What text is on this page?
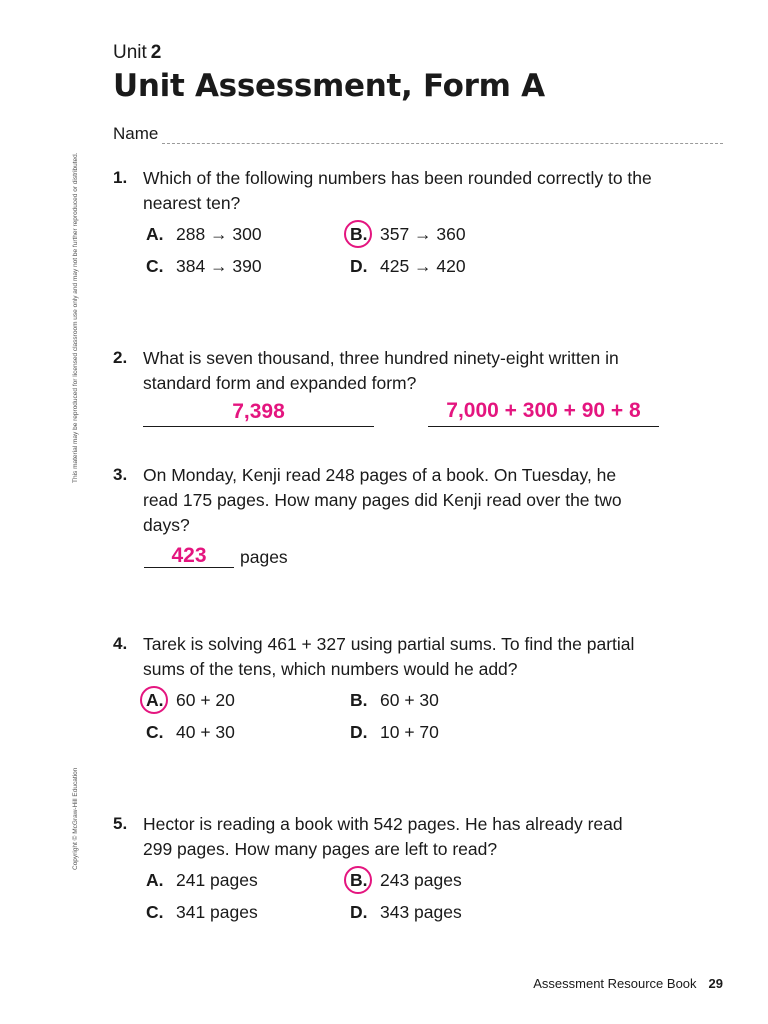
This material may be reproduced for licensed classroom use only and may not be further reproduced or distributed.
Copyright © McGraw-Hill Education
Unit 2
Unit Assessment, Form A
Name
1. Which of the following numbers has been rounded correctly to the nearest ten?
A. 288 → 300	B. 357 → 360
C. 384 → 390	D. 425 → 420
2. What is seven thousand, three hundred ninety-eight written in standard form and expanded form?
7,398	7,000 + 300 + 90 + 8
3. On Monday, Kenji read 248 pages of a book. On Tuesday, he read 175 pages. How many pages did Kenji read over the two days?
423	pages
4. Tarek is solving 461 + 327 using partial sums. To find the partial sums of the tens, which numbers would he add?
A. 60 + 20	B. 60 + 30
C. 40 + 30	D. 10 + 70
5. Hector is reading a book with 542 pages. He has already read 299 pages. How many pages are left to read?
A. 241 pages	B. 243 pages
C. 341 pages	D. 343 pages
Assessment Resource Book 29
